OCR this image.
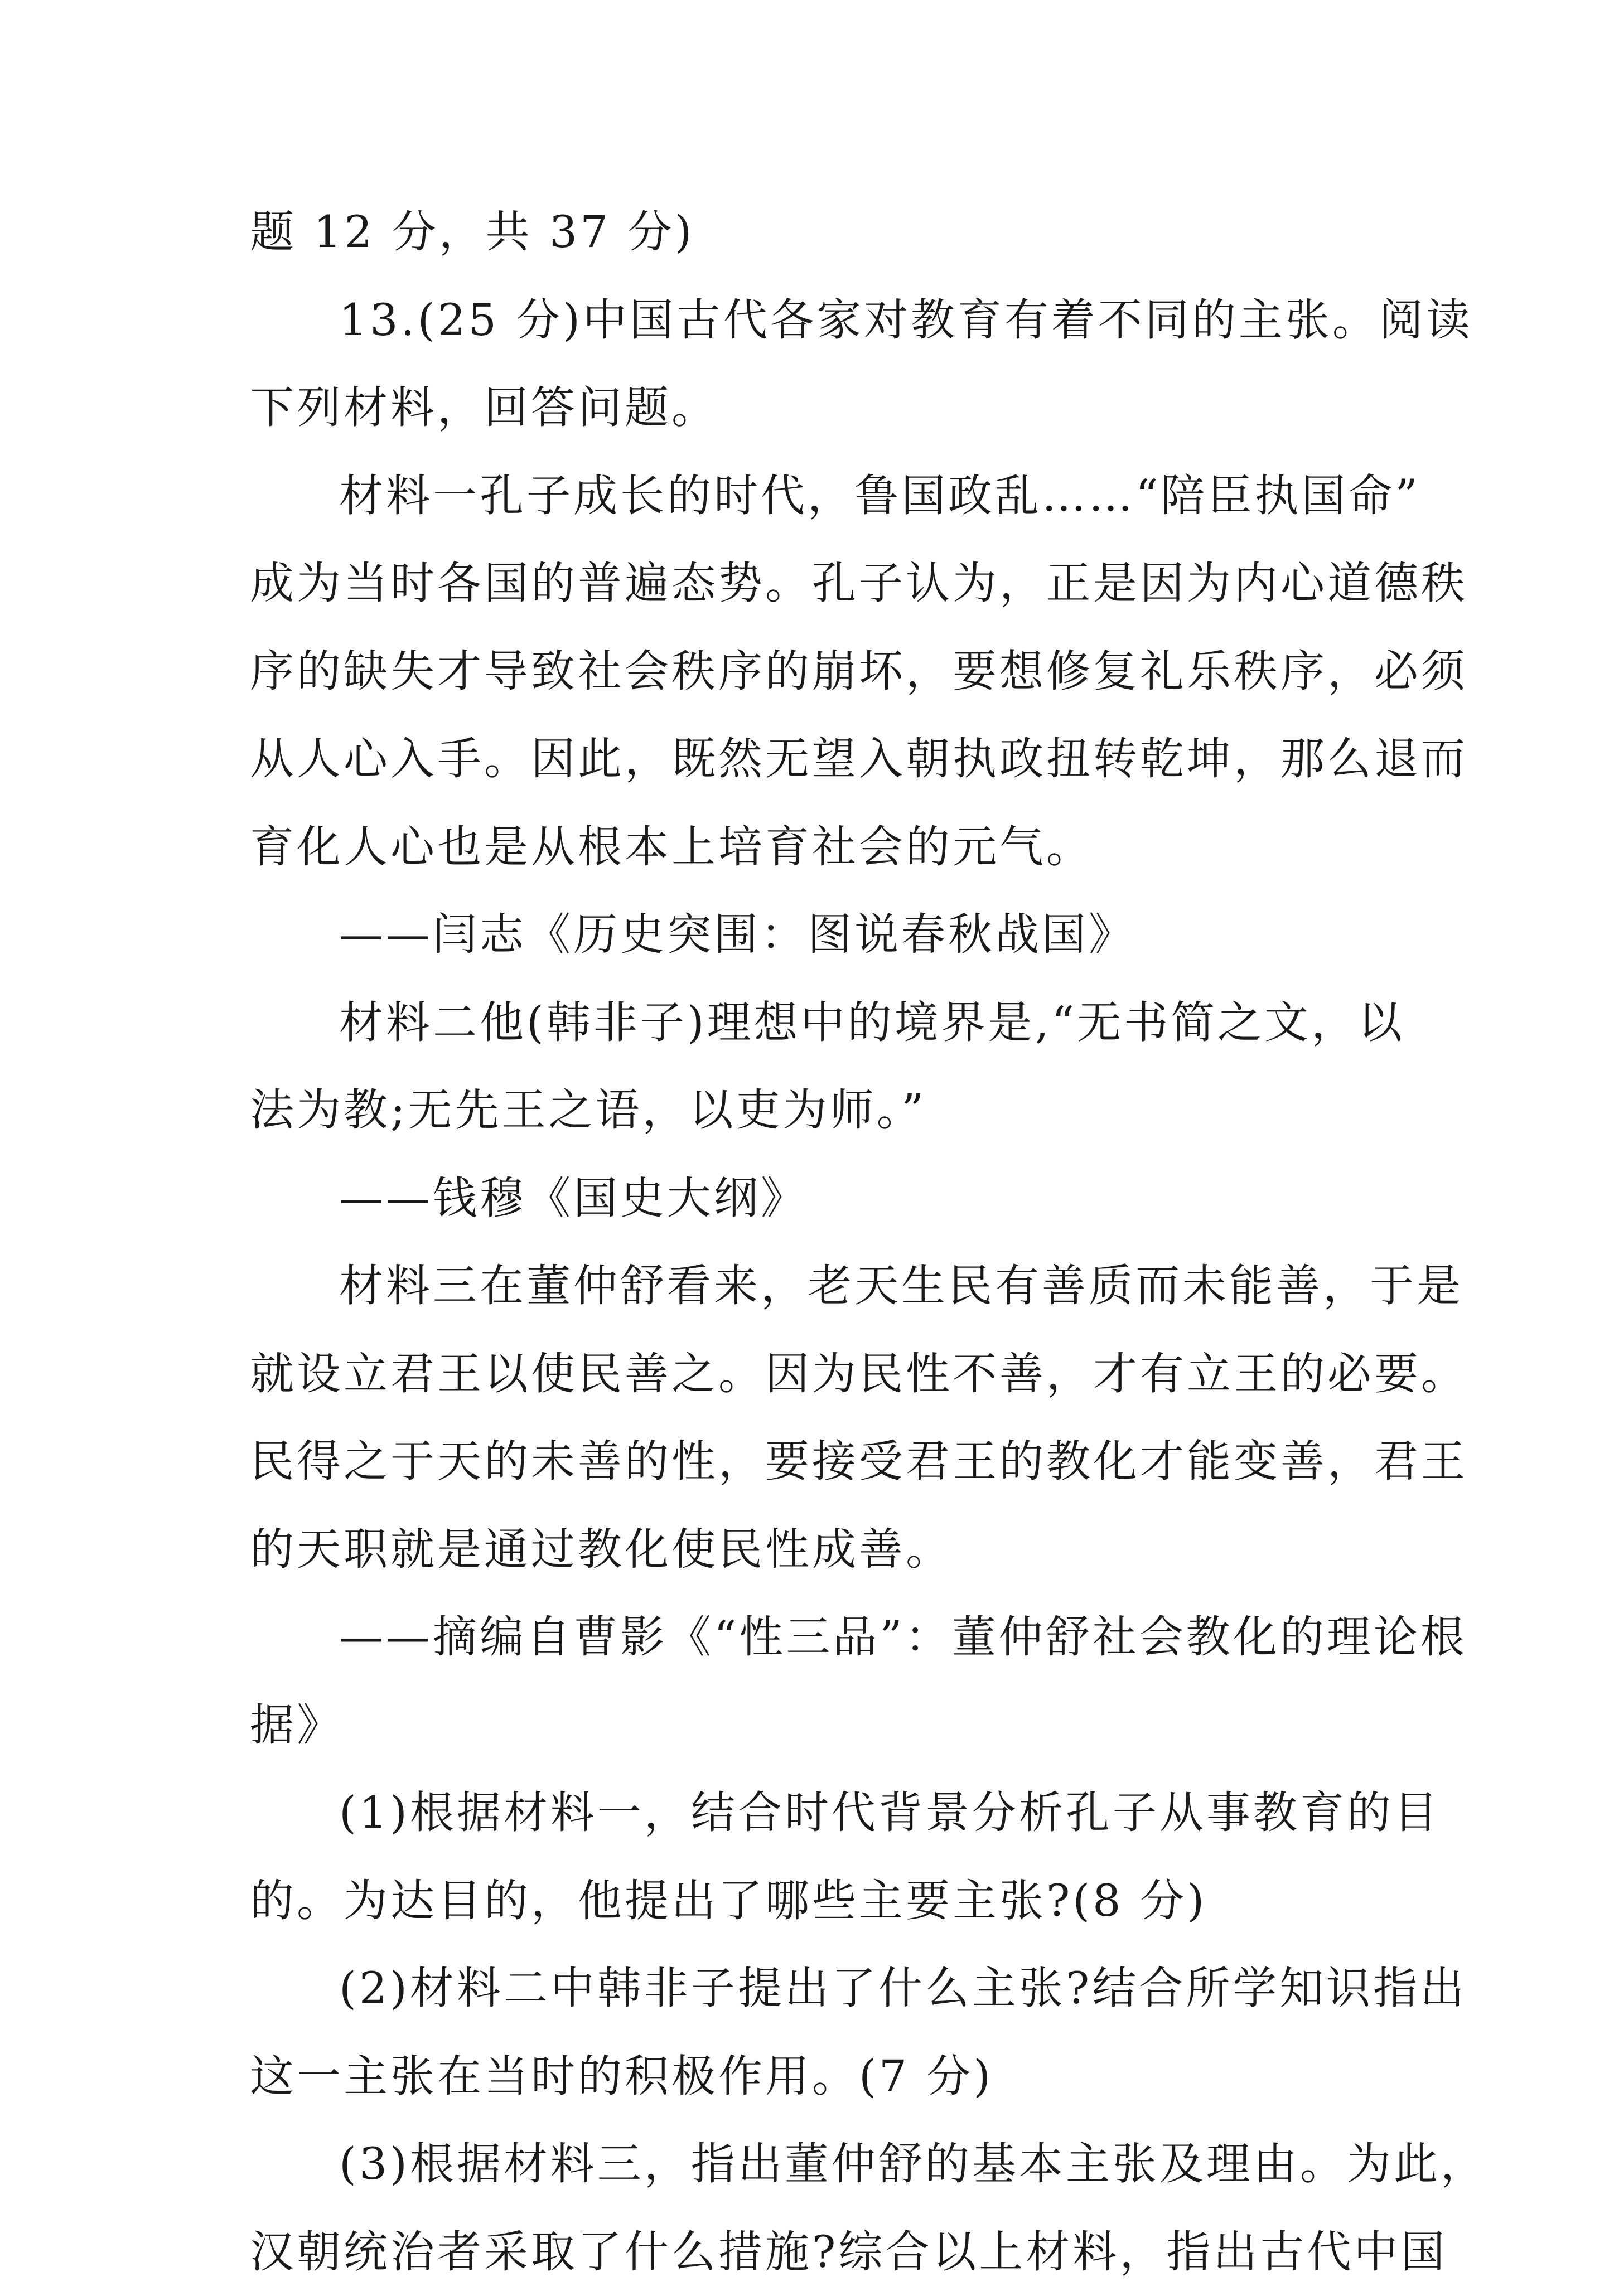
题 12 分，共 37 分)
13.(25 分)中国古代各家对教育有着不同的主张。阅读
下列材料，回答问题。
材料一孔子成长的时代，鲁国政乱……“陪臣执国命”
成为当时各国的普遍态势。孔子认为，正是因为内心道德秩
序的缺失才导致社会秩序的崩坏，要想修复礼乐秩序，必须
从人心入手。因此，既然无望入朝执政扭转乾坤，那么退而
育化人心也是从根本上培育社会的元气。
——闫志《历史突围：图说春秋战国》
材料二他(韩非子)理想中的境界是,“无书简之文，以
法为教;无先王之语，以吏为师。”
——钱穆《国史大纲》
材料三在董仲舒看来，老天生民有善质而未能善，于是
就设立君王以使民善之。因为民性不善，才有立王的必要。
民得之于天的未善的性，要接受君王的教化才能变善，君王
的天职就是通过教化使民性成善。
——摘编自曹影《“性三品”：董仲舒社会教化的理论根
据》
(1)根据材料一，结合时代背景分析孔子从事教育的目
的。为达目的，他提出了哪些主要主张?(8 分)
(2)材料二中韩非子提出了什么主张?结合所学知识指出
这一主张在当时的积极作用。(7 分)
(3)根据材料三，指出董仲舒的基本主张及理由。为此，
汉朝统治者采取了什么措施?综合以上材料，指出古代中国
